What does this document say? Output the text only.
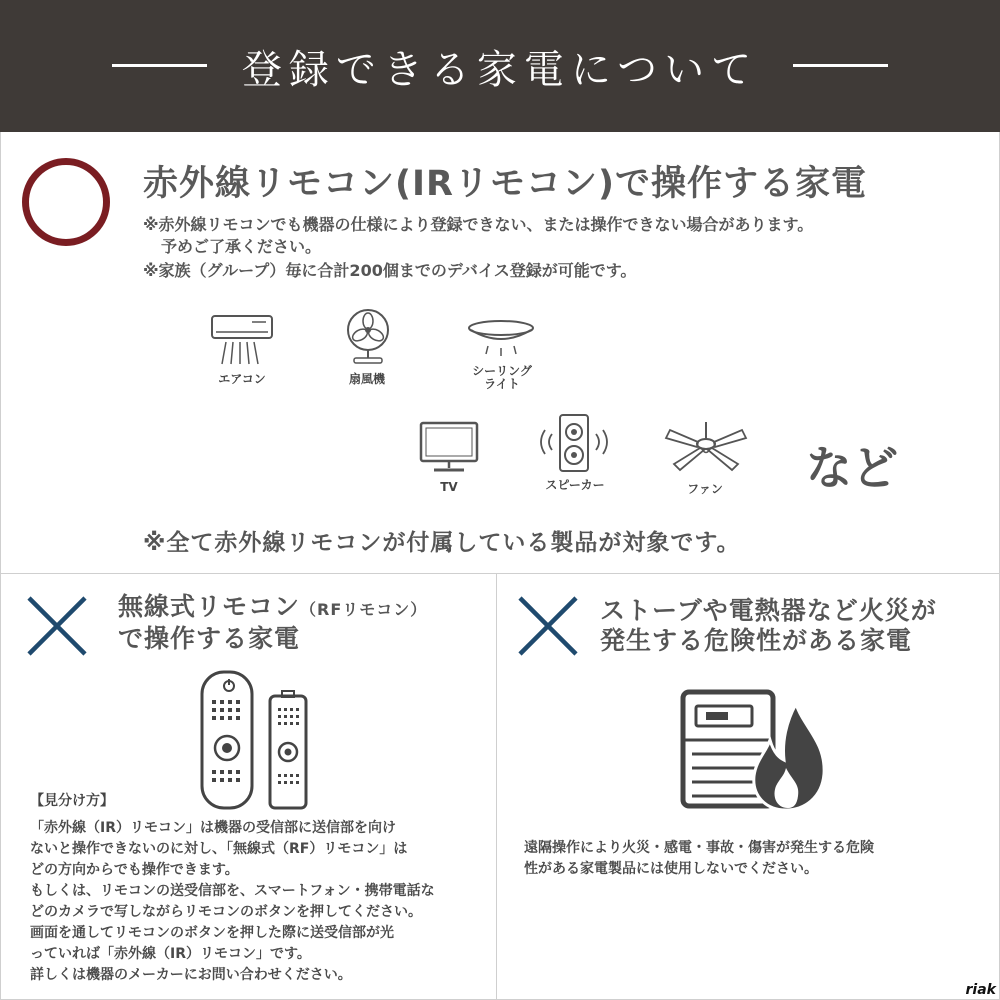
登録できる家電について
赤外線リモコン(IRリモコン)で操作する家電
※赤外線リモコンでも機器の仕様により登録できない、または操作できない場合があります。
予めご了承ください。
※家族（グループ）毎に合計200個までのデバイス登録が可能です。
エアコン	扇風機
シーリング
ライト
TV	スピーカー	ファン	など
※全て赤外線リモコンが付属している製品が対象です。
無線式リモコン（RFリモコン）
で操作する家電
【見分け方】
「赤外線（IR）リモコン」は機器の受信部に送信部を向け
ないと操作できないのに対し、「無線式（RF）リモコン」は
どの方向からでも操作できます。
もしくは、リモコンの送受信部を、スマートフォン・携帯電話な
どのカメラで写しながらリモコンのボタンを押してください。
画面を通してリモコンのボタンを押した際に送受信部が光
っていれば「赤外線（IR）リモコン」です。
詳しくは機器のメーカーにお問い合わせください。
ストーブや電熱器など火災が
発生する危険性がある家電
遠隔操作により火災・感電・事故・傷害が発生する危険
性がある家電製品には使用しないでください。
riak
